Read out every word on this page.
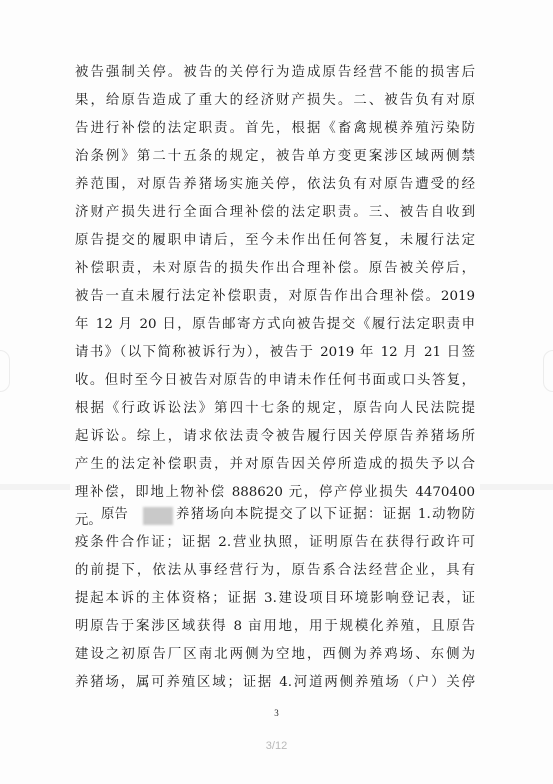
被告强制关停。被告的关停行为造成原告经营不能的损害后
果，给原告造成了重大的经济财产损失。二、被告负有对原
告进行补偿的法定职责。首先，根据《畜禽规模养殖污染防
治条例》第二十五条的规定，被告单方变更案涉区域两侧禁
养范围，对原告养猪场实施关停，依法负有对原告遭受的经
济财产损失进行全面合理补偿的法定职责。三、被告自收到
原告提交的履职申请后，至今未作出任何答复，未履行法定
补偿职责，未对原告的损失作出合理补偿。原告被关停后，
被告一直未履行法定补偿职责，对原告作出合理补偿。2019
年 12 月 20 日，原告邮寄方式向被告提交《履行法定职责申
请书》（以下简称被诉行为），被告于 2019 年 12 月 21 日签
收。但时至今日被告对原告的申请未作任何书面或口头答复，
根据《行政诉讼法》第四十七条的规定，原告向人民法院提
起诉讼。综上，请求依法责令被告履行因关停原告养猪场所
产生的法定补偿职责，并对原告因关停所造成的损失予以合
理补偿，即地上物补偿 888620 元，停产停业损失 4470400
元。 原告	养猪场向本院提交了以下证据：证据 1.动物防
疫条件合作证；证据 2.营业执照，证明原告在获得行政许可
的前提下，依法从事经营行为，原告系合法经营企业，具有
提起本诉的主体资格；证据 3.建设项目环境影响登记表，证
明原告于案涉区域获得 8 亩用地，用于规模化养殖，且原告
建设之初原告厂区南北两侧为空地，西侧为养鸡场、东侧为
养猪场，属可养殖区域；证据 4.河道两侧养殖场（户）关停
3
3/12
